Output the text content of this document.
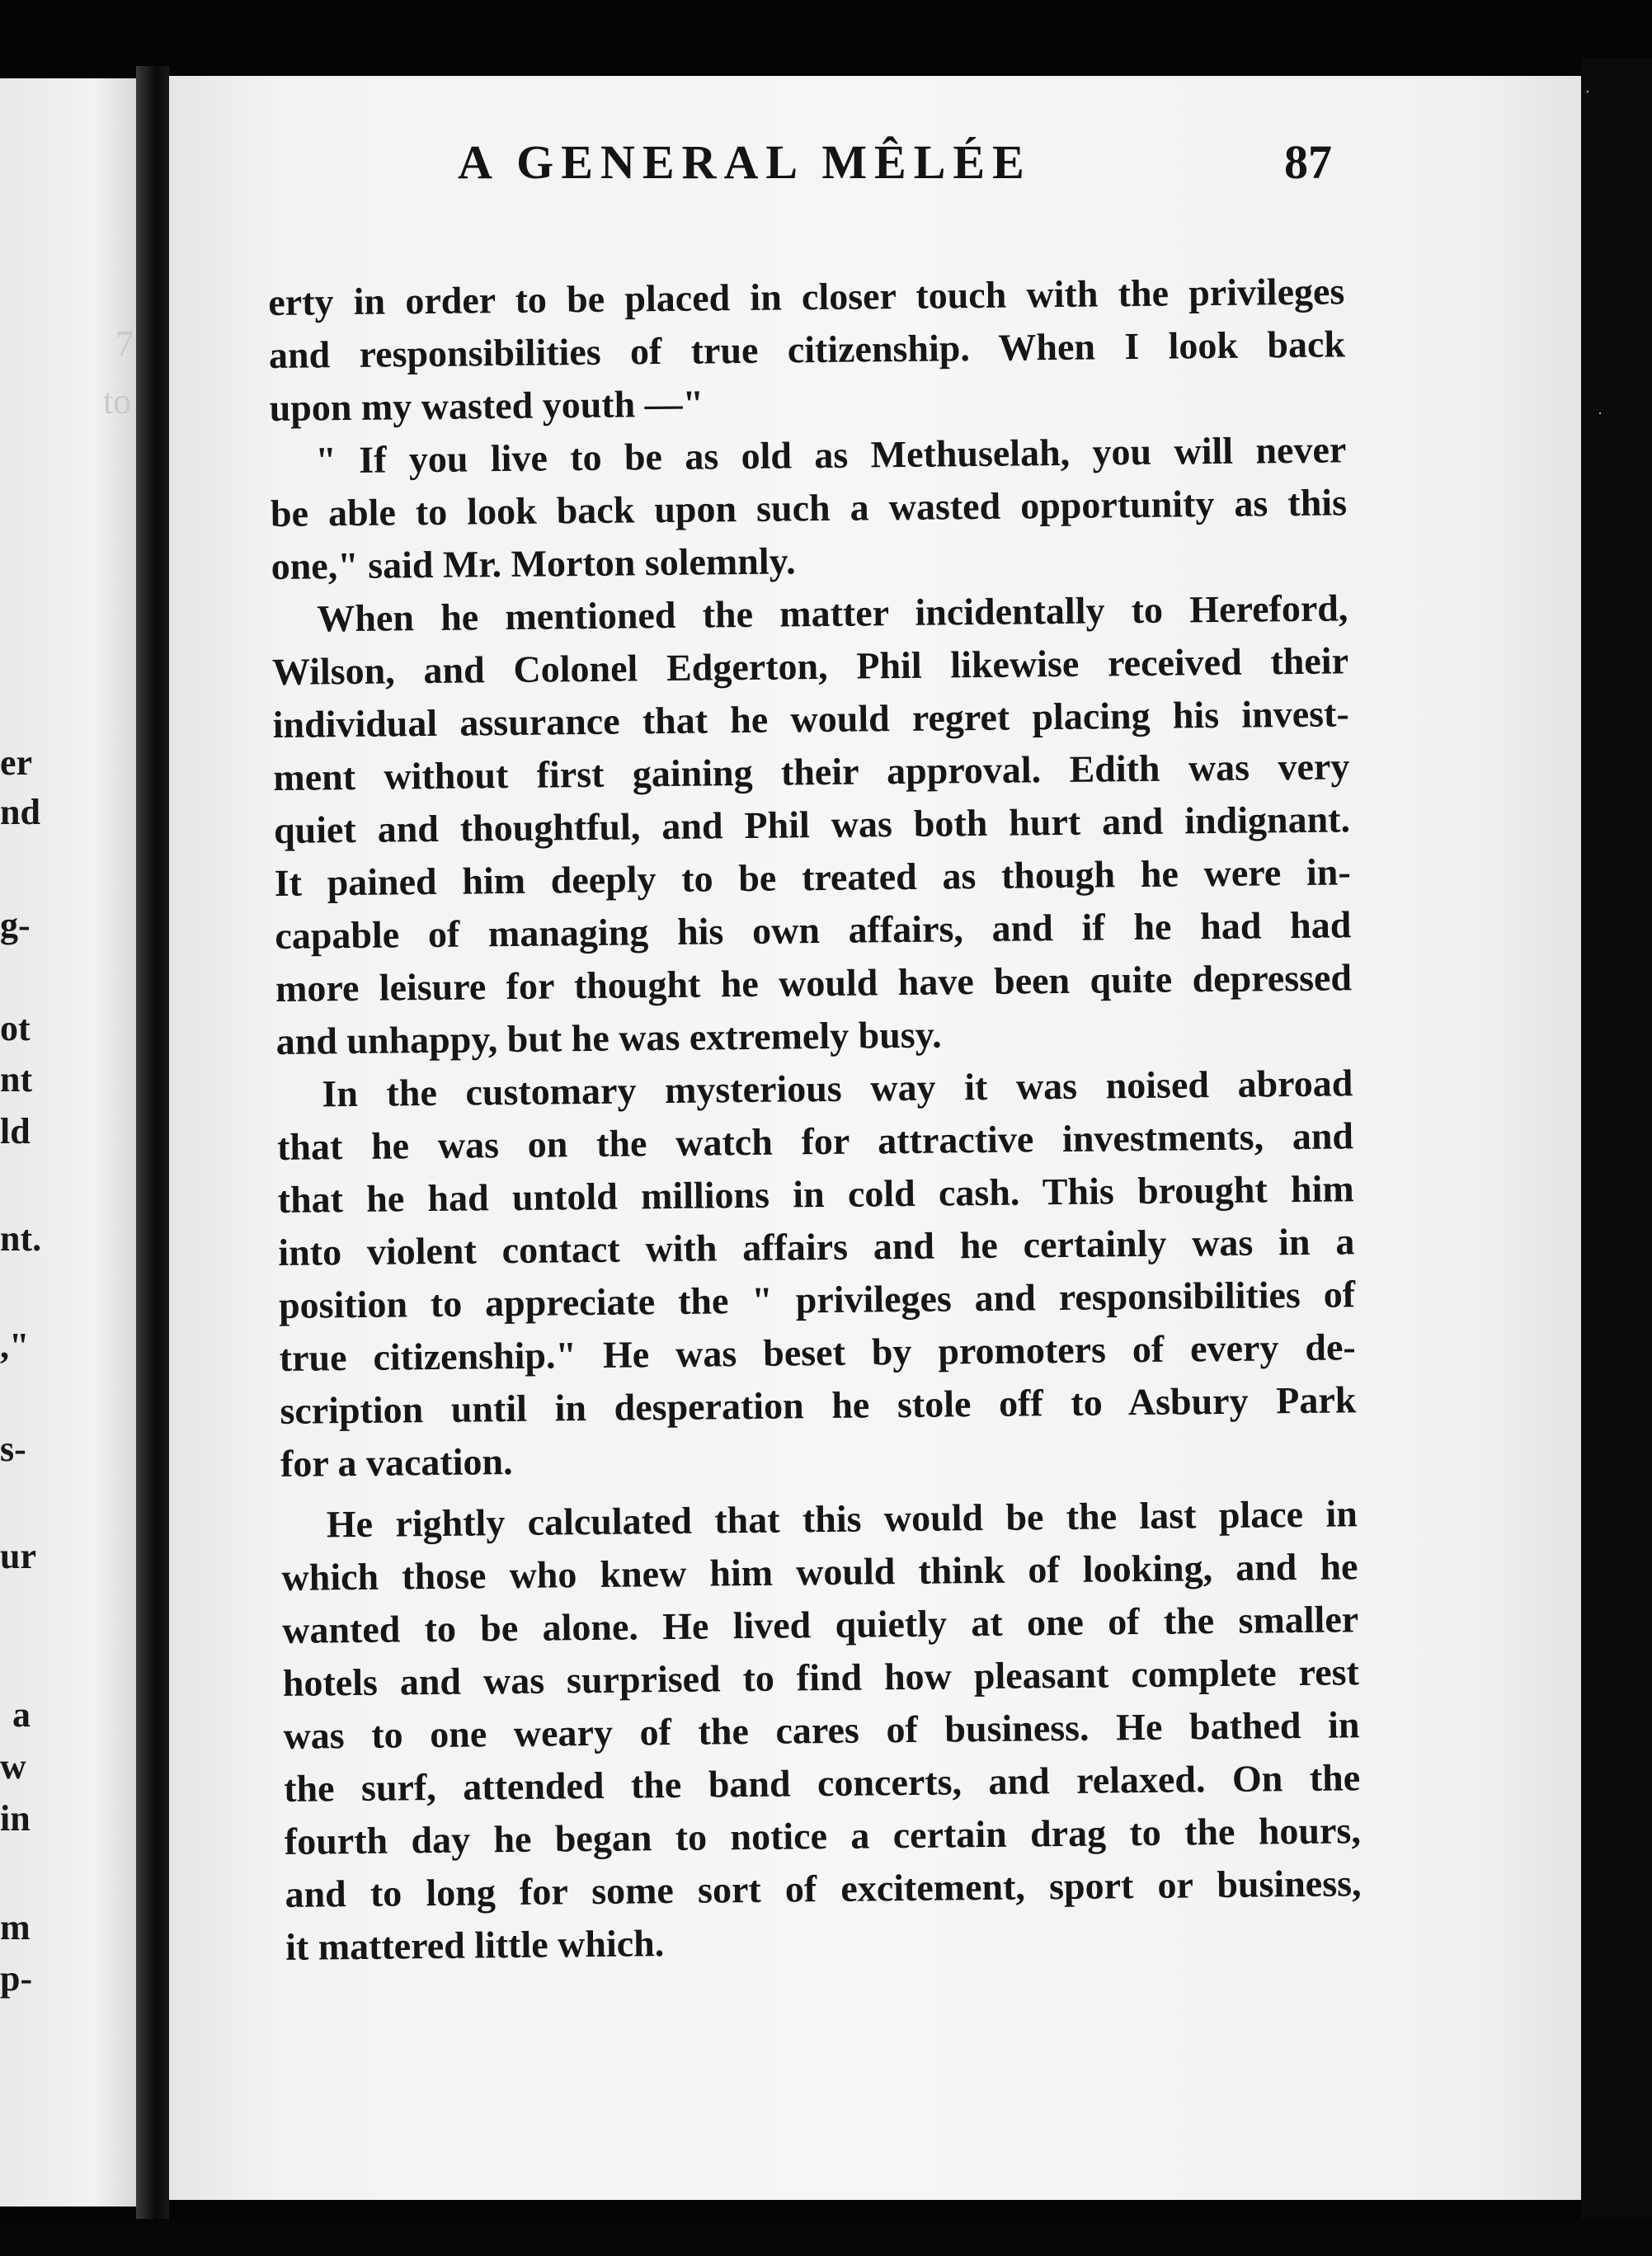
7
to
er
nd
g-
ot
nt
ld
nt.
,"
s-
ur
a
w
in
m
p-
A GENERAL MÊLÉE	87

erty in order to be placed in closer touch with the privileges
and responsibilities of true citizenship. When I look back
upon my wasted youth —"

" If you live to be as old as Methuselah, you will never
be able to look back upon such a wasted opportunity as this
one," said Mr. Morton solemnly.

When he mentioned the matter incidentally to Hereford,
Wilson, and Colonel Edgerton, Phil likewise received their
individual assurance that he would regret placing his invest-
ment without first gaining their approval. Edith was very
quiet and thoughtful, and Phil was both hurt and indignant.
It pained him deeply to be treated as though he were in-
capable of managing his own affairs, and if he had had
more leisure for thought he would have been quite depressed
and unhappy, but he was extremely busy.

In the customary mysterious way it was noised abroad
that he was on the watch for attractive investments, and
that he had untold millions in cold cash. This brought him
into violent contact with affairs and he certainly was in a
position to appreciate the " privileges and responsibilities of
true citizenship." He was beset by promoters of every de-
scription until in desperation he stole off to Asbury Park
for a vacation.

He rightly calculated that this would be the last place in
which those who knew him would think of looking, and he
wanted to be alone. He lived quietly at one of the smaller
hotels and was surprised to find how pleasant complete rest
was to one weary of the cares of business. He bathed in
the surf, attended the band concerts, and relaxed. On the
fourth day he began to notice a certain drag to the hours,
and to long for some sort of excitement, sport or business,
it mattered little which.

·
·
